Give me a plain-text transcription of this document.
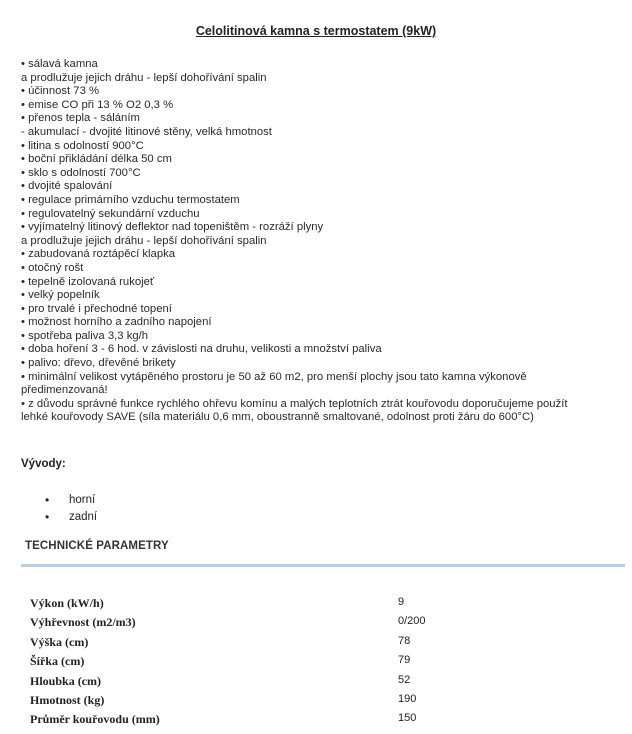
Celolitinová kamna s termostatem (9kW)
• sálavá kamna
a prodlužuje jejich dráhu - lepší dohořívání spalin
• účinnost 73 %
• emise CO při 13 % O2 0,3 %
• přenos tepla - sáláním
- akumulací - dvojité litinové stěny, velká hmotnost
• litina s odolností 900°C
• boční přikládání délka 50 cm
• sklo s odolností 700°C
• dvojité spalování
• regulace primárního vzduchu termostatem
• regulovatelný sekundární vzduchu
• vyjímatelný litinový deflektor nad topeništěm - rozráží plyny
a prodlužuje jejich dráhu - lepší dohořívání spalin
• zabudovaná roztápěcí klapka
• otočný rošt
• tepelně izolovaná rukojeť
• velký popelník
• pro trvalé i přechodné topení
• možnost horního a zadního napojení
• spotřeba paliva 3,3 kg/h
• doba hoření 3 - 6 hod. v závislosti na druhu, velikosti a množství paliva
• palivo: dřevo, dřevěné brikety
• minimální velikost vytápěného prostoru je 50 až 60 m2, pro menší plochy jsou tato kamna výkonově
předimenzovaná!
• z důvodu správné funkce rychlého ohřevu komínu a malých teplotních ztrát kouřovodu doporučujeme použít
lehké kouřovody SAVE (síla materiálu 0,6 mm, oboustranně smaltované, odolnost proti žáru do 600°C)
Vývody:
• horní
• zadní
TECHNICKÉ PARAMETRY
Výkon (kW/h)	9
Výhřevnost (m2/m3)	0/200
Výška (cm)	78
Šířka (cm)	79
Hloubka (cm)	52
Hmotnost (kg)	190
Průměr kouřovodu (mm)	150
